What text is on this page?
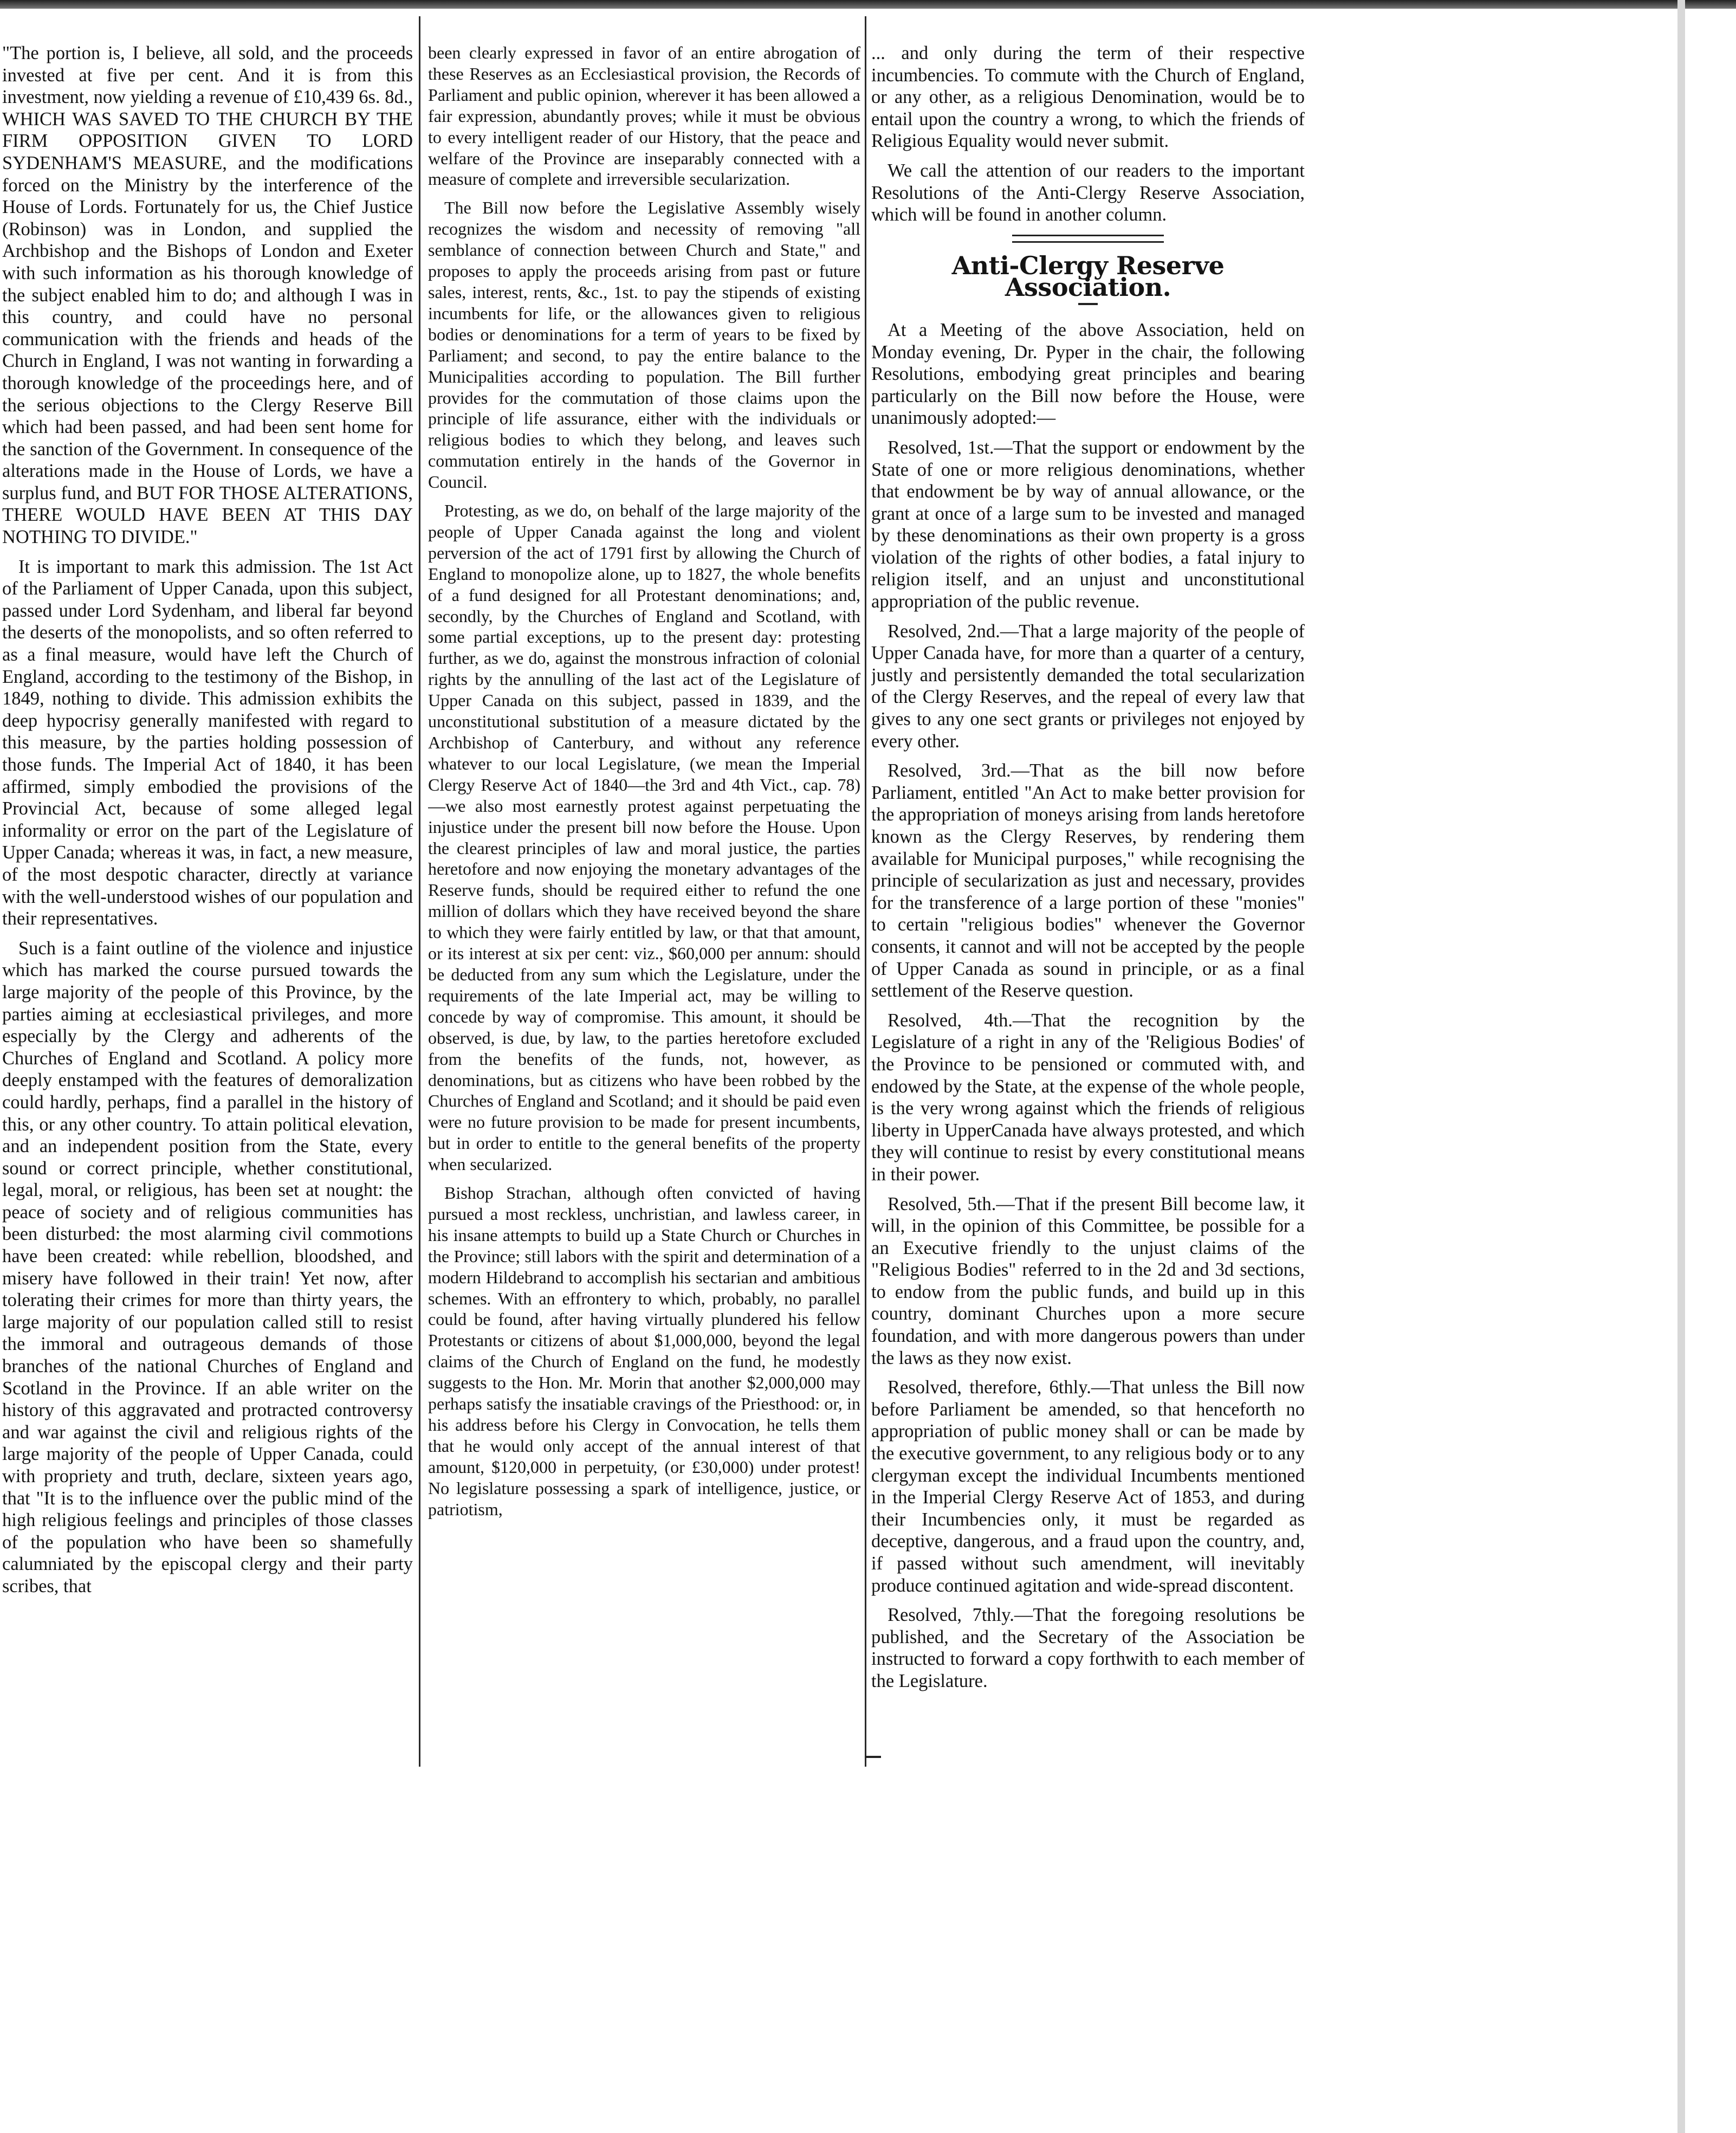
"The portion is, I believe, all sold, and the proceeds invested at five per cent. And it is from this investment, now yielding a revenue of £10,439 6s. 8d., WHICH WAS SAVED TO THE CHURCH BY THE FIRM OPPOSITION GIVEN TO LORD SYDENHAM'S MEASURE, and the modifications forced on the Ministry by the interference of the House of Lords. Fortunately for us, the Chief Justice (Robinson) was in London, and supplied the Archbishop and the Bishops of London and Exeter with such information as his thorough knowledge of the subject enabled him to do; and although I was in this country, and could have no personal communication with the friends and heads of the Church in England, I was not wanting in forwarding a thorough knowledge of the proceedings here, and of the serious objections to the Clergy Reserve Bill which had been passed, and had been sent home for the sanction of the Government. In consequence of the alterations made in the House of Lords, we have a surplus fund, and BUT FOR THOSE ALTERATIONS, THERE WOULD HAVE BEEN AT THIS DAY NOTHING TO DIVIDE."

It is important to mark this admission. The 1st Act of the Parliament of Upper Canada, upon this subject, passed under Lord Sydenham, and liberal far beyond the deserts of the monopolists, and so often referred to as a final measure, would have left the Church of England, according to the testimony of the Bishop, in 1849, nothing to divide. This admission exhibits the deep hypocrisy generally manifested with regard to this measure, by the parties holding possession of those funds. The Imperial Act of 1840, it has been affirmed, simply embodied the provisions of the Provincial Act, because of some alleged legal informality or error on the part of the Legislature of Upper Canada; whereas it was, in fact, a new measure, of the most despotic character, directly at variance with the well-understood wishes of our population and their representatives.

Such is a faint outline of the violence and injustice which has marked the course pursued towards the large majority of the people of this Province, by the parties aiming at ecclesiastical privileges, and more especially by the Clergy and adherents of the Churches of England and Scotland. A policy more deeply enstamped with the features of demoralization could hardly, perhaps, find a parallel in the history of this, or any other country. To attain political elevation, and an independent position from the State, every sound or correct principle, whether constitutional, legal, moral, or religious, has been set at nought: the peace of society and of religious communities has been disturbed: the most alarming civil commotions have been created: while rebellion, bloodshed, and misery have followed in their train! Yet now, after tolerating their crimes for more than thirty years, the large majority of our population called still to resist the immoral and outrageous demands of those branches of the national Churches of England and Scotland in the Province. If an able writer on the history of this aggravated and protracted controversy and war against the civil and religious rights of the large majority of the people of Upper Canada, could with propriety and truth, declare, sixteen years ago, that "It is to the influence over the public mind of the high religious feelings and principles of those classes of the population who have been so shamefully calumniated by the episcopal clergy and their party scribes, that

been clearly expressed in favor of an entire abrogation of these Reserves as an Ecclesiastical provision, the Records of Parliament and public opinion, wherever it has been allowed a fair expression, abundantly proves; while it must be obvious to every intelligent reader of our History, that the peace and welfare of the Province are inseparably connected with a measure of complete and irreversible secularization.

The Bill now before the Legislative Assembly wisely recognizes the wisdom and necessity of removing "all semblance of connection between Church and State," and proposes to apply the proceeds arising from past or future sales, interest, rents, &c., 1st. to pay the stipends of existing incumbents for life, or the allowances given to religious bodies or denominations for a term of years to be fixed by Parliament; and second, to pay the entire balance to the Municipalities according to population. The Bill further provides for the commutation of those claims upon the principle of life assurance, either with the individuals or religious bodies to which they belong, and leaves such commutation entirely in the hands of the Governor in Council.

Protesting, as we do, on behalf of the large majority of the people of Upper Canada against the long and violent perversion of the act of 1791 first by allowing the Church of England to monopolize alone, up to 1827, the whole benefits of a fund designed for all Protestant denominations; and, secondly, by the Churches of England and Scotland, with some partial exceptions, up to the present day: protesting further, as we do, against the monstrous infraction of colonial rights by the annulling of the last act of the Legislature of Upper Canada on this subject, passed in 1839, and the unconstitutional substitution of a measure dictated by the Archbishop of Canterbury, and without any reference whatever to our local Legislature, (we mean the Imperial Clergy Reserve Act of 1840—the 3rd and 4th Vict., cap. 78)—we also most earnestly protest against perpetuating the injustice under the present bill now before the House. Upon the clearest principles of law and moral justice, the parties heretofore and now enjoying the monetary advantages of the Reserve funds, should be required either to refund the one million of dollars which they have received beyond the share to which they were fairly entitled by law, or that that amount, or its interest at six per cent: viz., $60,000 per annum: should be deducted from any sum which the Legislature, under the requirements of the late Imperial act, may be willing to concede by way of compromise. This amount, it should be observed, is due, by law, to the parties heretofore excluded from the benefits of the funds, not, however, as denominations, but as citizens who have been robbed by the Churches of England and Scotland; and it should be paid even were no future provision to be made for present incumbents, but in order to entitle to the general benefits of the property when secularized.

Bishop Strachan, although often convicted of having pursued a most reckless, unchristian, and lawless career, in his insane attempts to build up a State Church or Churches in the Province; still labors with the spirit and determination of a modern Hildebrand to accomplish his sectarian and ambitious schemes. With an effrontery to which, probably, no parallel could be found, after having virtually plundered his fellow Protestants or citizens of about $1,000,000, beyond the legal claims of the Church of England on the fund, he modestly suggests to the Hon. Mr. Morin that another $2,000,000 may perhaps satisfy the insatiable cravings of the Priesthood: or, in his address before his Clergy in Convocation, he tells them that he would only accept of the annual interest of that amount, $120,000 in perpetuity, (or £30,000) under protest! No legislature possessing a spark of intelligence, justice, or patriotism,

... and only during the term of their respective incumbencies. To commute with the Church of England, or any other, as a religious Denomination, would be to entail upon the country a wrong, to which the friends of Religious Equality would never submit.

We call the attention of our readers to the important Resolutions of the Anti-Clergy Reserve Association, which will be found in another column.

Anti-Clergy Reserve Association.

At a Meeting of the above Association, held on Monday evening, Dr. Pyper in the chair, the following Resolutions, embodying great principles and bearing particularly on the Bill now before the House, were unanimously adopted:—

Resolved, 1st.—That the support or endowment by the State of one or more religious denominations, whether that endowment be by way of annual allowance, or the grant at once of a large sum to be invested and managed by these denominations as their own property is a gross violation of the rights of other bodies, a fatal injury to religion itself, and an unjust and unconstitutional appropriation of the public revenue.

Resolved, 2nd.—That a large majority of the people of Upper Canada have, for more than a quarter of a century, justly and persistently demanded the total secularization of the Clergy Reserves, and the repeal of every law that gives to any one sect grants or privileges not enjoyed by every other.

Resolved, 3rd.—That as the bill now before Parliament, entitled "An Act to make better provision for the appropriation of moneys arising from lands heretofore known as the Clergy Reserves, by rendering them available for Municipal purposes," while recognising the principle of secularization as just and necessary, provides for the transference of a large portion of these "monies" to certain "religious bodies" whenever the Governor consents, it cannot and will not be accepted by the people of Upper Canada as sound in principle, or as a final settlement of the Reserve question.

Resolved, 4th.—That the recognition by the Legislature of a right in any of the 'Religious Bodies' of the Province to be pensioned or commuted with, and endowed by the State, at the expense of the whole people, is the very wrong against which the friends of religious liberty in UpperCanada have always protested, and which they will continue to resist by every constitutional means in their power.

Resolved, 5th.—That if the present Bill become law, it will, in the opinion of this Committee, be possible for a an Executive friendly to the unjust claims of the "Religious Bodies" referred to in the 2d and 3d sections, to endow from the public funds, and build up in this country, dominant Churches upon a more secure foundation, and with more dangerous powers than under the laws as they now exist.

Resolved, therefore, 6thly.—That unless the Bill now before Parliament be amended, so that henceforth no appropriation of public money shall or can be made by the executive government, to any religious body or to any clergyman except the individual Incumbents mentioned in the Imperial Clergy Reserve Act of 1853, and during their Incumbencies only, it must be regarded as deceptive, dangerous, and a fraud upon the country, and, if passed without such amendment, will inevitably produce continued agitation and wide-spread discontent.

Resolved, 7thly.—That the foregoing resolutions be published, and the Secretary of the Association be instructed to forward a copy forthwith to each member of the Legislature.
